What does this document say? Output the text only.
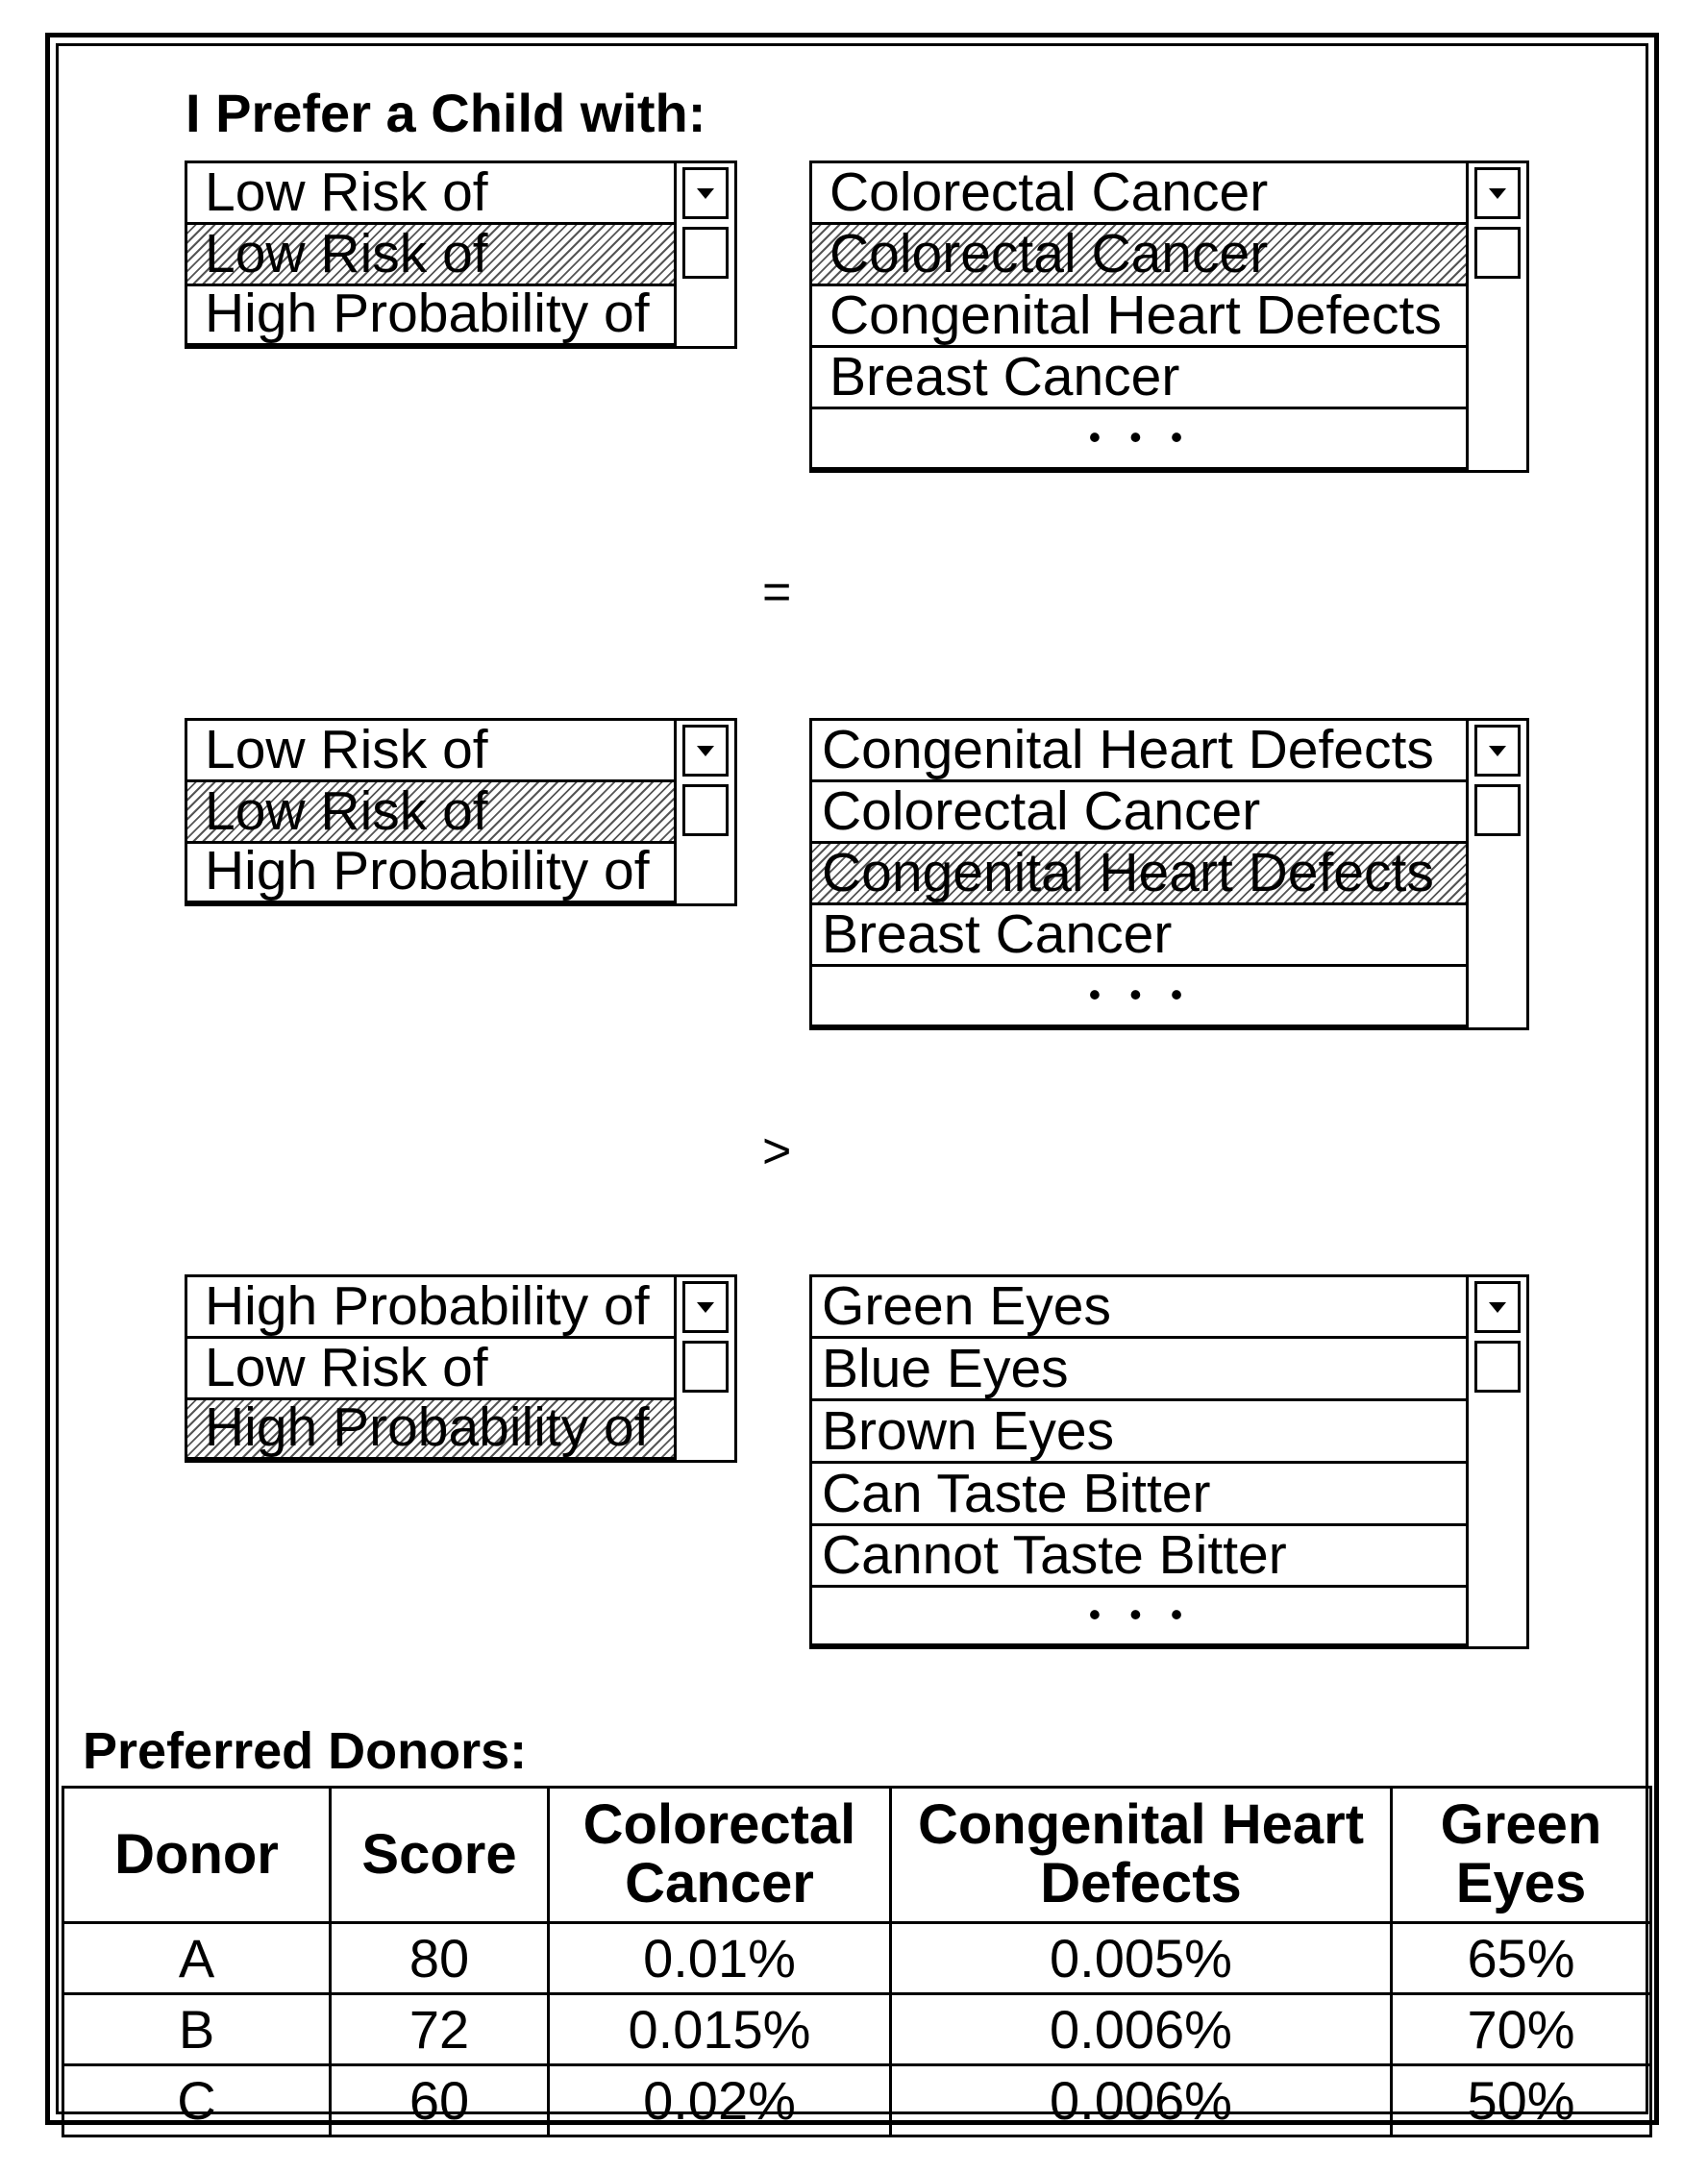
I Prefer a Child with:
Low Risk of
Low Risk of
High Probability of
Colorectal Cancer
Colorectal Cancer
Congenital Heart Defects
Breast Cancer
• • •
=
Low Risk of
Low Risk of
High Probability of
Congenital Heart Defects
Colorectal Cancer
Congenital Heart Defects
Breast Cancer
• • •
>
High Probability of
Low Risk of
High Probability of
Green Eyes
Blue Eyes
Brown Eyes
Can Taste Bitter
Cannot Taste Bitter
• • •
Preferred Donors:
Donor	Score	Colorectal Cancer	Congenital Heart Defects	Green Eyes
A	80	0.01%	0.005%	65%
B	72	0.015%	0.006%	70%
C	60	0.02%	0.006%	50%
